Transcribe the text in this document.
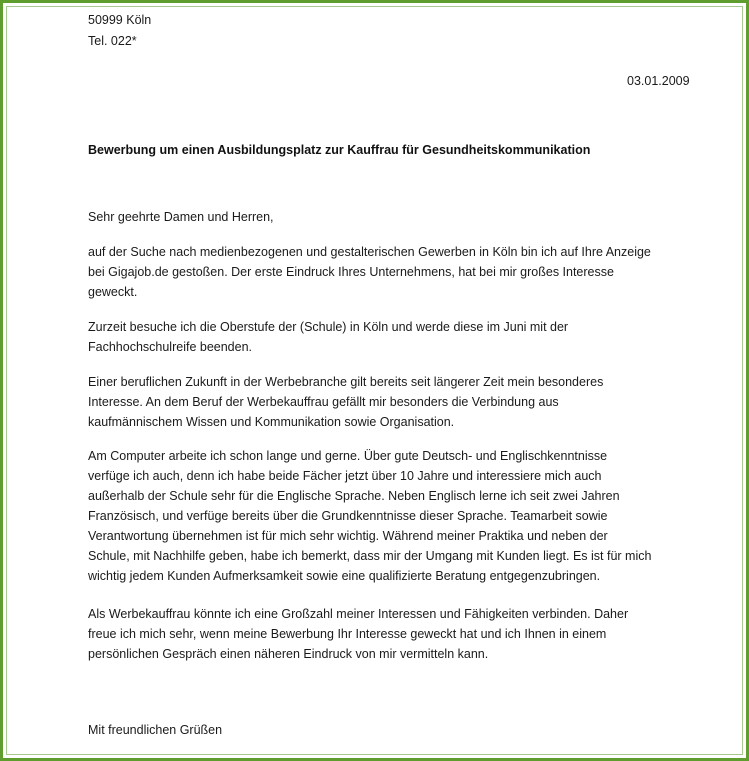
50999 Köln
Tel. 022*
03.01.2009
Bewerbung um einen Ausbildungsplatz zur Kauffrau für Gesundheitskommunikation
Sehr geehrte Damen und Herren,
auf der Suche nach medienbezogenen und gestalterischen Gewerben in Köln bin ich auf Ihre Anzeige
bei Gigajob.de gestoßen. Der erste Eindruck Ihres Unternehmens, hat bei mir großes Interesse
geweckt.
Zurzeit besuche ich die Oberstufe der (Schule) in Köln und werde diese im Juni mit der
Fachhochschulreife beenden.
Einer beruflichen Zukunft in der Werbebranche gilt bereits seit längerer Zeit mein besonderes
Interesse. An dem Beruf der Werbekauffrau gefällt mir besonders die Verbindung aus
kaufmännischem Wissen und Kommunikation sowie Organisation.
Am Computer arbeite ich schon lange und gerne. Über gute Deutsch- und Englischkenntnisse
verfüge ich auch, denn ich habe beide Fächer jetzt über 10 Jahre und interessiere mich auch
außerhalb der Schule sehr für die Englische Sprache. Neben Englisch lerne ich seit zwei Jahren
Französisch, und verfüge bereits über die Grundkenntnisse dieser Sprache. Teamarbeit sowie
Verantwortung übernehmen ist für mich sehr wichtig. Während meiner Praktika und neben der
Schule, mit Nachhilfe geben, habe ich bemerkt, dass mir der Umgang mit Kunden liegt. Es ist für mich
wichtig jedem Kunden Aufmerksamkeit sowie eine qualifizierte Beratung entgegenzubringen.
Als Werbekauffrau könnte ich eine Großzahl meiner Interessen und Fähigkeiten verbinden. Daher
freue ich mich sehr, wenn meine Bewerbung Ihr Interesse geweckt hat und ich Ihnen in einem
persönlichen Gespräch einen näheren Eindruck von mir vermitteln kann.
Mit freundlichen Grüßen
